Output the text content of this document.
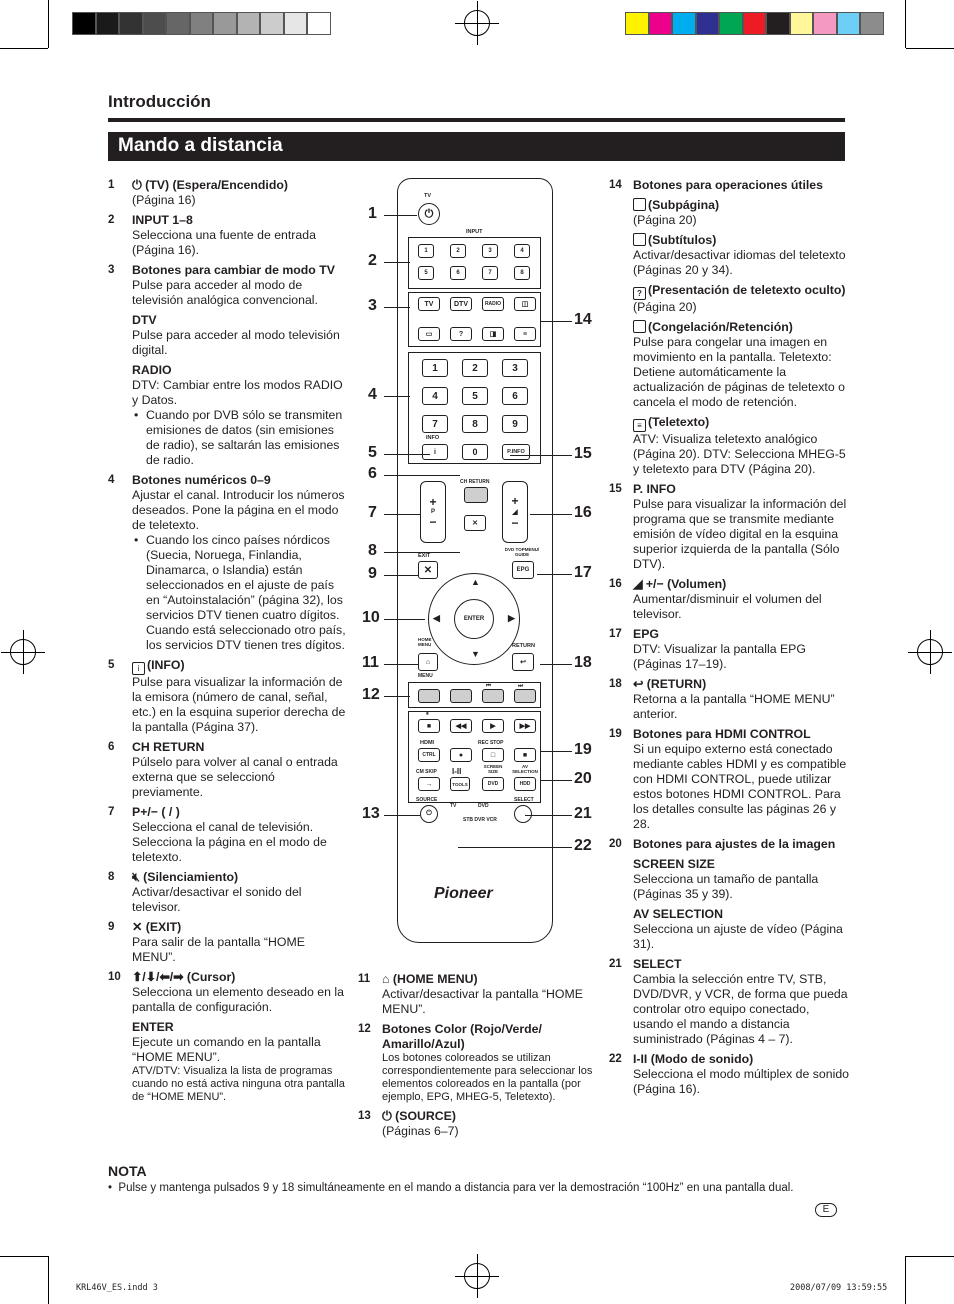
Introducción
Mando a distancia
1 ⏻ (TV) (Espera/Encendido)
(Página 16)
2 INPUT 1–8
Selecciona una fuente de entrada (Página 16).
3 Botones para cambiar de modo TV
Pulse para acceder al modo de televisión analógica convencional.
DTV
Pulse para acceder al modo televisión digital.
RADIO
DTV: Cambiar entre los modos RADIO y Datos.
• Cuando por DVB sólo se transmiten emisiones de datos (sin emisiones de radio), se saltarán las emisiones de radio.
4 Botones numéricos 0–9
Ajustar el canal. Introducir los números deseados. Pone la página en el modo de teletexto.
• Cuando los cinco países nórdicos (Suecia, Noruega, Finlandia, Dinamarca, o Islandia) están seleccionados en el ajuste de país en “Autoinstalación” (página 32), los servicios DTV tienen cuatro dígitos. Cuando está seleccionado otro país, los servicios DTV tienen tres dígitos.
5	i (INFO)
Pulse para visualizar la información de la emisora (número de canal, señal, etc.) en la esquina superior derecha de la pantalla (Página 37).
6 CH RETURN
Púlselo para volver al canal o entrada externa que se seleccionó previamente.
7 P+/− ( / )
Selecciona el canal de televisión. Selecciona la página en el modo de teletexto.
8 🔇︎ (Silenciamiento)
Activar/desactivar el sonido del televisor.
9 ✕ (EXIT)
Para salir de la pantalla “HOME MENU”.
10 ⬆/⬇/⬅/➡ (Cursor)
Selecciona un elemento deseado en la pantalla de configuración.
ENTER
Ejecute un comando en la pantalla “HOME MENU”.
ATV/DTV: Visualiza la lista de programas cuando no está activa ninguna otra pantalla de “HOME MENU”.
11 ⌂ (HOME MENU)
Activar/desactivar la pantalla “HOME MENU”.
12 Botones Color (Rojo/Verde/ Amarillo/Azul)
Los botones coloreados se utilizan correspondientemente para seleccionar los elementos coloreados en la pantalla (por ejemplo, EPG, MHEG-5, Teletexto).
13 ⏻ (SOURCE)
(Páginas 6–7)
14 Botones para operaciones útiles
(Subpágina)
(Página 20)
(Subtítulos)
Activar/desactivar idiomas del teletexto (Páginas 20 y 34).
? (Presentación de teletexto oculto)
(Página 20)
(Congelación/Retención)
Pulse para congelar una imagen en movimiento en la pantalla. Teletexto: Detiene automáticamente la actualización de páginas de teletexto o cancela el modo de retención.
≡ (Teletexto)
ATV: Visualiza teletexto analógico (Página 20). DTV: Selecciona MHEG-5 y teletexto para DTV (Página 20).
15 P. INFO
Pulse para visualizar la información del programa que se transmite mediante emisión de vídeo digital en la esquina superior izquierda de la pantalla (Sólo DTV).
16 ◢ +/− (Volumen)
Aumentar/disminuir el volumen del televisor.
17 EPG
DTV: Visualizar la pantalla EPG (Páginas 17–19).
18 ↩ (RETURN)
Retorna a la pantalla “HOME MENU” anterior.
19 Botones para HDMI CONTROL
Si un equipo externo está conectado mediante cables HDMI y es compatible con HDMI CONTROL, puede utilizar estos botones HDMI CONTROL. Para los detalles consulte las páginas 26 y 28.
20 Botones para ajustes de la imagen
SCREEN SIZE
Selecciona un tamaño de pantalla (Páginas 35 y 39).
AV SELECTION
Selecciona un ajuste de vídeo (Página 31).
21 SELECT
Cambia la selección entre TV, STB, DVD/DVR, y VCR, de forma que pueda controlar otro equipo conectado, usando el mando a distancia suministrado (Páginas 4 – 7).
22 I-II (Modo de sonido)
Selecciona el modo múltiplex de sonido (Página 16).
TV
⏻
INPUT
TV	DTV	RADIO	◫
▭	?	◨	≡
INFO
i	0	P.INFO
CH RETURN
+
P
−
+
◢
−
✕
EXIT
✕
DVD TOPMENU/ GUIDE
EPG
▲
▼
◀	▶
ENTER
HOME MENU
⌂
MENU
RETURN
↩
⏮	⏭
⏸
■	◀◀	▶	▶▶
HDMI
CTRL	●
REC STOP
□	■
CM SKIP
→
I-II
TOOLS
SCREEN SIZE
DVD
AV SELECTION
HDD
SOURCE
⏻
TV	DVD
STB DVR VCR
SELECT
Pioneer
1	2	3	4
5	6	7	8
1	2	3
4	5	6
7	8	9
1
2
3
4
5
6
7
8
9
10
11
12
13
14
15
16
17
18
19
20
21
22
NOTA
•  Pulse y mantenga pulsados 9 y 18 simultáneamente en el mando a distancia para ver la demostración “100Hz” en una pantalla dual.
E
KRL46V_ES.indd 3	2008/07/09 13:59:55
